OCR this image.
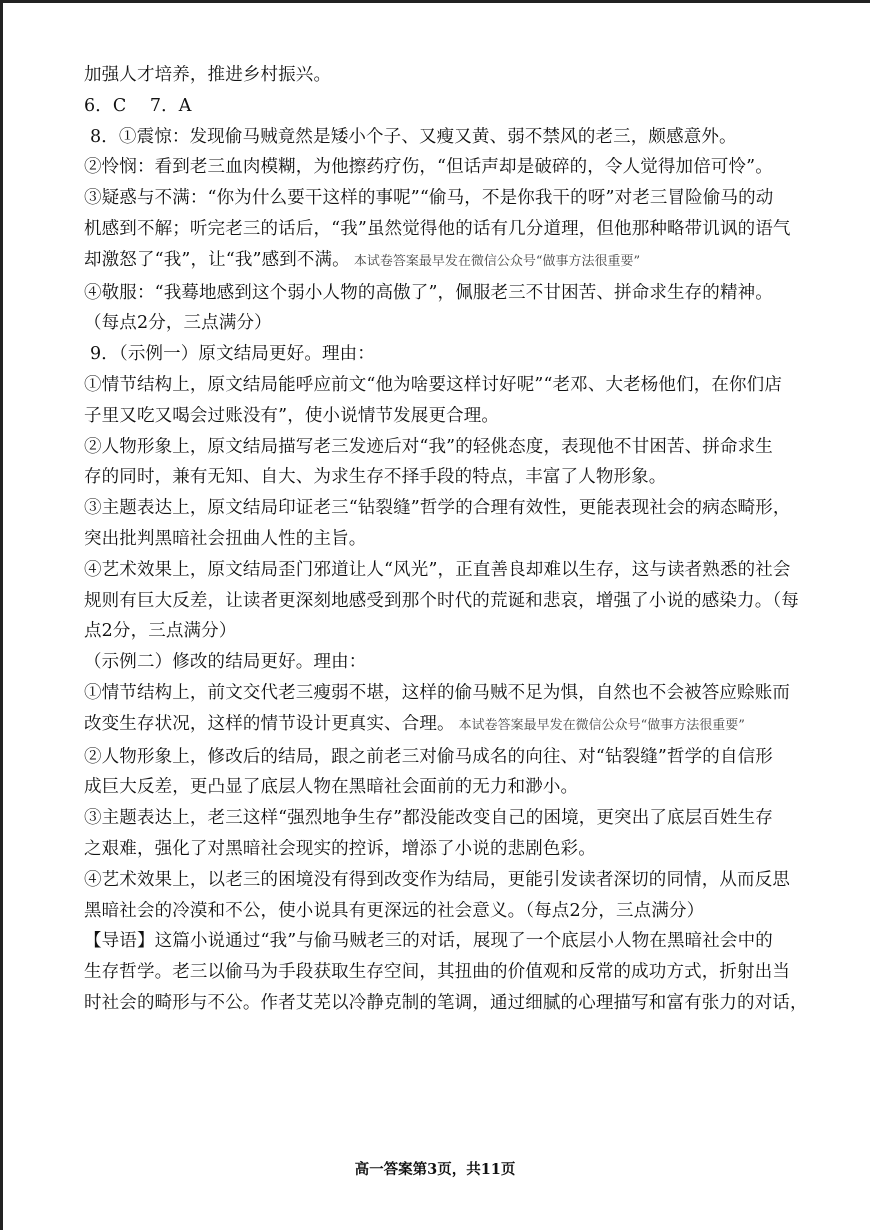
加强人才培养，推进乡村振兴。
6．C　 7．A
8．①震惊：发现偷马贼竟然是矮小个子、又瘦又黄、弱不禁风的老三，颇感意外。
②怜悯：看到老三血肉模糊，为他擦药疗伤，“但话声却是破碎的，令人觉得加倍可怜”。
③疑惑与不满：“你为什么要干这样的事呢”“偷马，不是你我干的呀”对老三冒险偷马的动
机感到不解；听完老三的话后，“我”虽然觉得他的话有几分道理，但他那种略带讥讽的语气
却激怒了“我”，让“我”感到不满。 本试卷答案最早发在微信公众号“做事方法很重要”
④敬服：“我蓦地感到这个弱小人物的高傲了”，佩服老三不甘困苦、拼命求生存的精神。
（每点2分，三点满分）
9．（示例一）原文结局更好。理由：
①情节结构上，原文结局能呼应前文“他为啥要这样讨好呢”“老邓、大老杨他们，在你们店
子里又吃又喝会过账没有”，使小说情节发展更合理。
②人物形象上，原文结局描写老三发迹后对“我”的轻佻态度，表现他不甘困苦、拼命求生
存的同时，兼有无知、自大、为求生存不择手段的特点，丰富了人物形象。
③主题表达上，原文结局印证老三“钻裂缝”哲学的合理有效性，更能表现社会的病态畸形，
突出批判黑暗社会扭曲人性的主旨。
④艺术效果上，原文结局歪门邪道让人“风光”，正直善良却难以生存，这与读者熟悉的社会
规则有巨大反差，让读者更深刻地感受到那个时代的荒诞和悲哀，增强了小说的感染力。（每
点2分，三点满分）
（示例二）修改的结局更好。理由：
①情节结构上，前文交代老三瘦弱不堪，这样的偷马贼不足为惧，自然也不会被答应赊账而
改变生存状况，这样的情节设计更真实、合理。 本试卷答案最早发在微信公众号“做事方法很重要”
②人物形象上，修改后的结局，跟之前老三对偷马成名的向往、对“钻裂缝”哲学的自信形
成巨大反差，更凸显了底层人物在黑暗社会面前的无力和渺小。
③主题表达上，老三这样“强烈地争生存”都没能改变自己的困境，更突出了底层百姓生存
之艰难，强化了对黑暗社会现实的控诉，增添了小说的悲剧色彩。
④艺术效果上，以老三的困境没有得到改变作为结局，更能引发读者深切的同情，从而反思
黑暗社会的冷漠和不公，使小说具有更深远的社会意义。（每点2分，三点满分）
【导语】这篇小说通过“我”与偷马贼老三的对话，展现了一个底层小人物在黑暗社会中的
生存哲学。老三以偷马为手段获取生存空间，其扭曲的价值观和反常的成功方式，折射出当
时社会的畸形与不公。作者艾芜以冷静克制的笔调，通过细腻的心理描写和富有张力的对话，
高一答案第3页，共11页
